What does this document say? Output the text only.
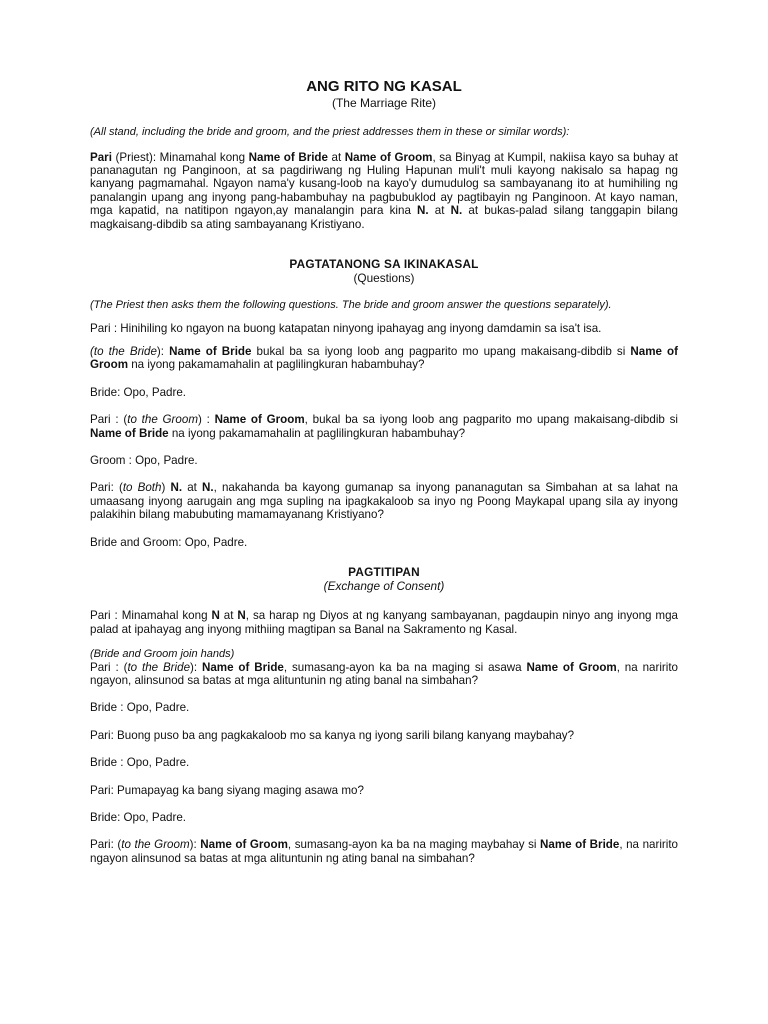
ANG RITO NG KASAL

(The Marriage Rite)

(All stand, including the bride and groom, and the priest addresses them in these or similar words):

Pari (Priest): Minamahal kong Name of Bride at Name of Groom, sa Binyag at Kumpil, nakiisa kayo sa buhay at pananagutan ng Panginoon, at sa pagdiriwang ng Huling Hapunan muli't muli kayong nakisalo sa hapag ng kanyang pagmamahal. Ngayon nama'y kusang-loob na kayo'y dumudulog sa sambayanang ito at humihiling ng panalangin upang ang inyong pang-habambuhay na pagbubuklod ay pagtibayin ng Panginoon. At kayo naman, mga kapatid, na natitipon ngayon,ay manalangin para kina N. at N. at bukas-palad silang tanggapin bilang magkaisang-dibdib sa ating sambayanang Kristiyano.

PAGTATANONG SA IKINAKASAL

(Questions)

(The Priest then asks them the following questions. The bride and groom answer the questions separately).

Pari : Hinihiling ko ngayon na buong katapatan ninyong ipahayag ang inyong damdamin sa isa't isa.

(to the Bride): Name of Bride bukal ba sa iyong loob ang pagparito mo upang makaisang-dibdib si Name of Groom na iyong pakamamahalin at paglilingkuran habambuhay?

Bride: Opo, Padre.

Pari : (to the Groom) : Name of Groom, bukal ba sa iyong loob ang pagparito mo upang makaisang-dibdib si Name of Bride na iyong pakamamahalin at paglilingkuran habambuhay?

Groom : Opo, Padre.

Pari: (to Both) N. at N., nakahanda ba kayong gumanap sa inyong pananagutan sa Simbahan at sa lahat na umaasang inyong aarugain ang mga supling na ipagkakaloob sa inyo ng Poong Maykapal upang sila ay inyong palakihin bilang mabubuting mamamayanang Kristiyano?

Bride and Groom: Opo, Padre.

PAGTITIPAN

(Exchange of Consent)

Pari : Minamahal kong N at N, sa harap ng Diyos at ng kanyang sambayanan, pagdaupin ninyo ang inyong mga palad at ipahayag ang inyong mithiing magtipan sa Banal na Sakramento ng Kasal.

(Bride and Groom join hands)

Pari : (to the Bride): Name of Bride, sumasang-ayon ka ba na maging si asawa Name of Groom, na naririto ngayon, alinsunod sa batas at mga alituntunin ng ating banal na simbahan?

Bride : Opo, Padre.

Pari: Buong puso ba ang pagkakaloob mo sa kanya ng iyong sarili bilang kanyang maybahay?

Bride : Opo, Padre.

Pari: Pumapayag ka bang siyang maging asawa mo?

Bride: Opo, Padre.

Pari: (to the Groom): Name of Groom, sumasang-ayon ka ba na maging maybahay si Name of Bride, na naririto ngayon alinsunod sa batas at mga alituntunin ng ating banal na simbahan?
